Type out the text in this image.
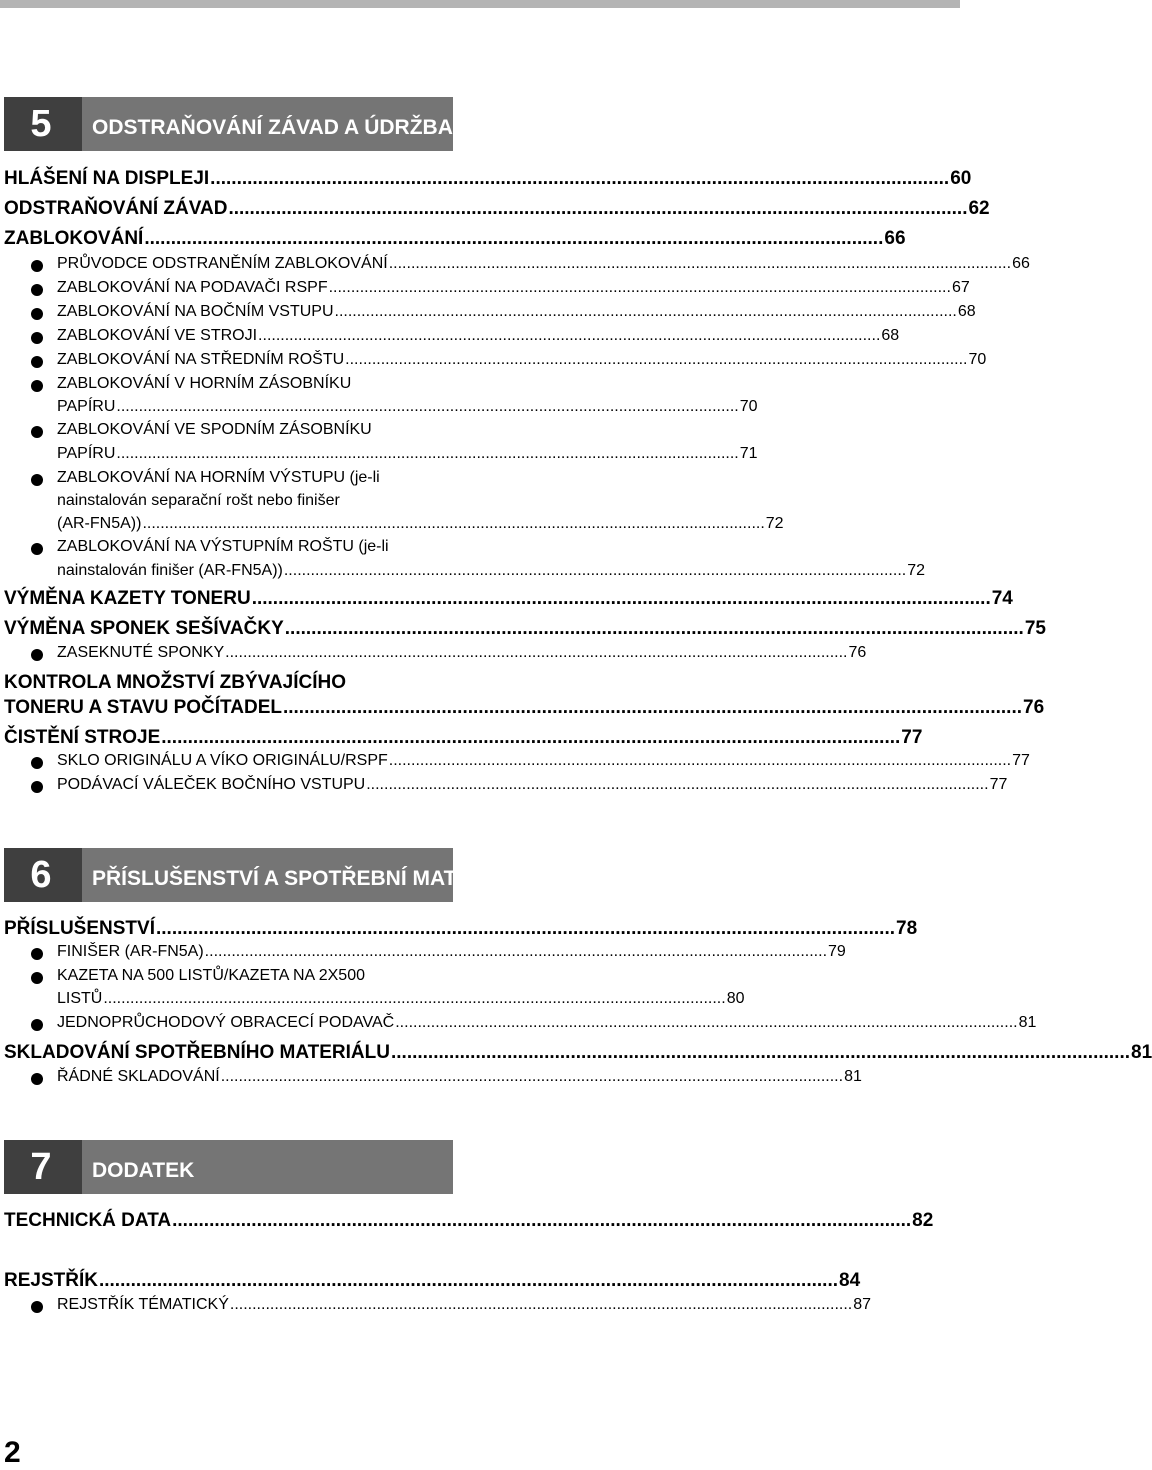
5	ODSTRAŇOVÁNÍ ZÁVAD A ÚDRŽBA
HLÁŠENÍ NA DISPLEJI .....	60
ODSTRAŇOVÁNÍ ZÁVAD .....	62
ZABLOKOVÁNÍ .....	66
PRŮVODCE ODSTRANĚNÍM ZABLOKOVÁNÍ .....	66
ZABLOKOVÁNÍ NA PODAVAČI RSPF .....	67
ZABLOKOVÁNÍ NA BOČNÍM VSTUPU .....	68
ZABLOKOVÁNÍ VE STROJI .....	68
ZABLOKOVÁNÍ NA STŘEDNÍM ROŠTU .....	70
ZABLOKOVÁNÍ V HORNÍM ZÁSOBNÍKU
PAPÍRU .....	70
ZABLOKOVÁNÍ VE SPODNÍM ZÁSOBNÍKU
PAPÍRU .....	71
ZABLOKOVÁNÍ NA HORNÍM VÝSTUPU (je-li
nainstalován separační rošt nebo finišer
(AR-FN5A)) .....	72
ZABLOKOVÁNÍ NA VÝSTUPNÍM ROŠTU (je-li
nainstalován finišer (AR-FN5A)) .....	72
VÝMĚNA KAZETY TONERU .....	74
VÝMĚNA SPONEK SEŠÍVAČKY .....	75
ZASEKNUTÉ SPONKY .....	76
KONTROLA MNOŽSTVÍ ZBÝVAJÍCÍHO
TONERU A STAVU POČÍTADEL .....	76
ČISTĚNÍ STROJE .....	77
SKLO ORIGINÁLU A VÍKO ORIGINÁLU/RSPF .....	77
PODÁVACÍ VÁLEČEK BOČNÍHO VSTUPU .....	77
6	PŘÍSLUŠENSTVÍ A SPOTŘEBNÍ MATERIÁL
PŘÍSLUŠENSTVÍ .....	78
FINIŠER (AR-FN5A) .....	79
KAZETA NA 500 LISTŮ/KAZETA NA 2X500
LISTŮ .....	80
JEDNOPRŮCHODOVÝ OBRACECÍ PODAVAČ .....	81
SKLADOVÁNÍ SPOTŘEBNÍHO MATERIÁLU .....	81
ŘÁDNÉ SKLADOVÁNÍ .....	81
7	DODATEK
TECHNICKÁ DATA .....	82
REJSTŘÍK .....	84
REJSTŘÍK TÉMATICKÝ .....	87
2
